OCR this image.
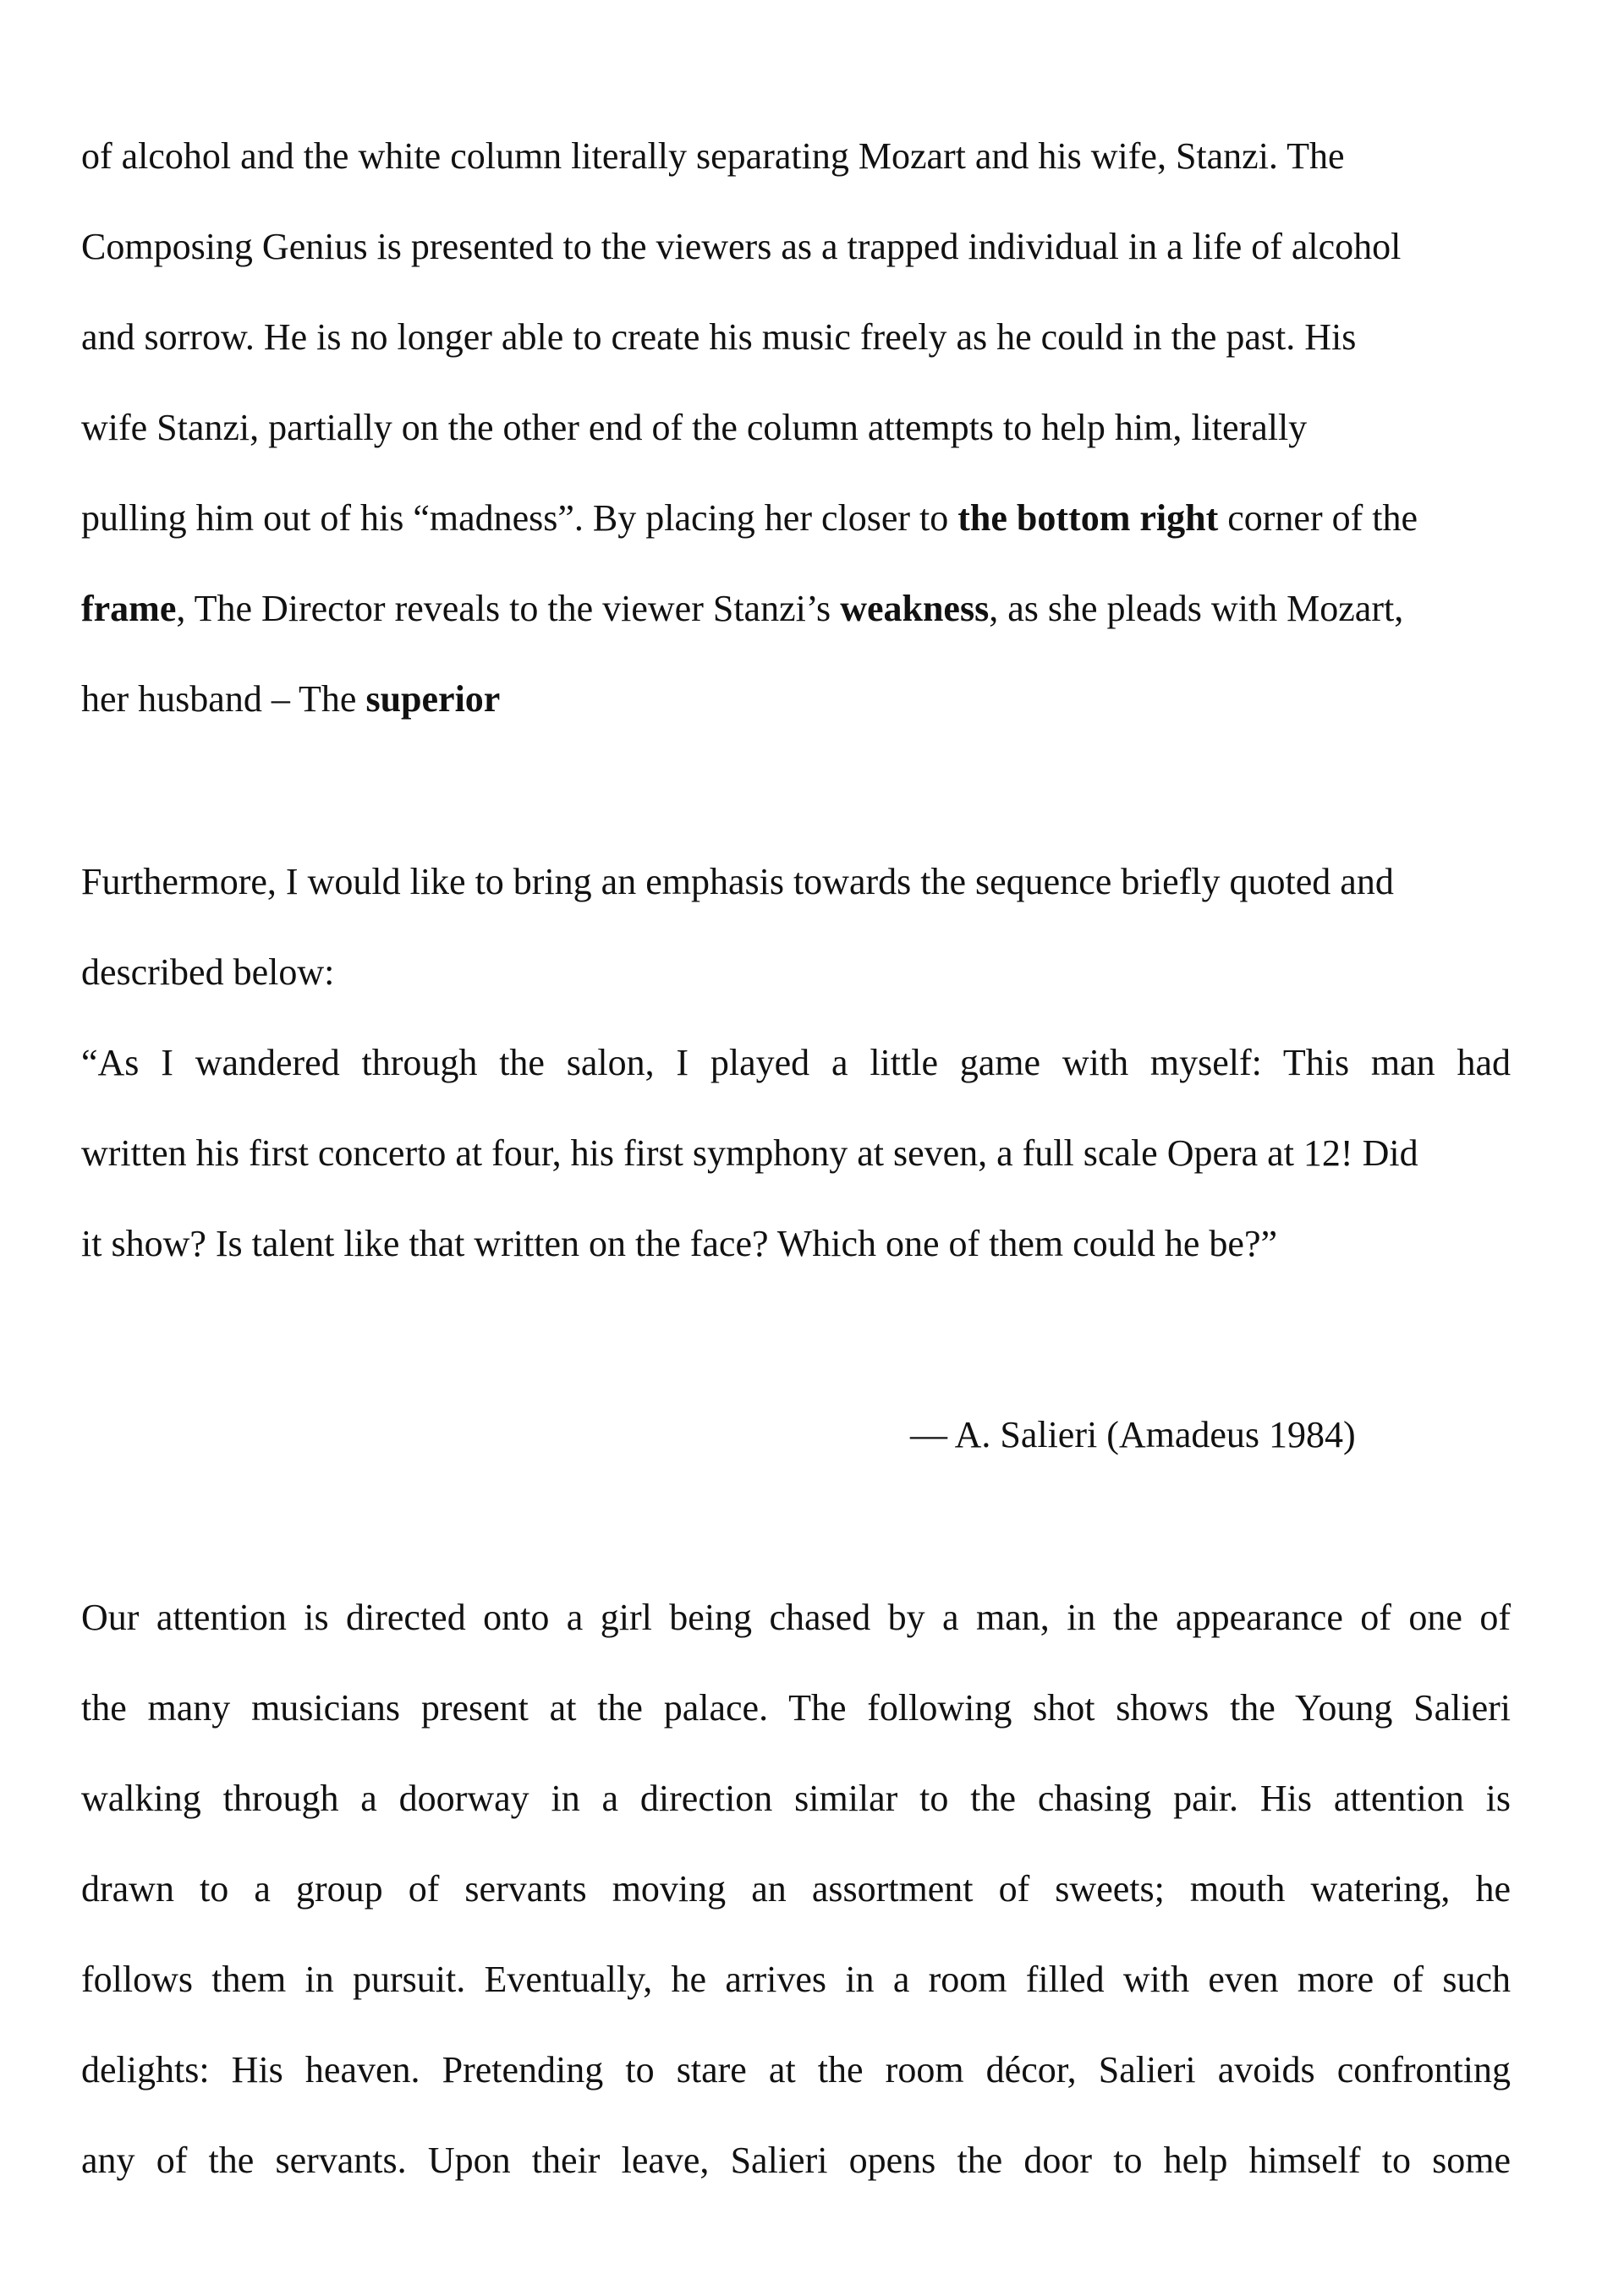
of alcohol and the white column literally separating Mozart and his wife, Stanzi. The
Composing Genius is presented to the viewers as a trapped individual in a life of alcohol
and sorrow. He is no longer able to create his music freely as he could in the past. His
wife Stanzi, partially on the other end of the column attempts to help him, literally
pulling him out of his “madness”. By placing her closer to the bottom right corner of the
frame, The Director reveals to the viewer Stanzi’s weakness, as she pleads with Mozart,
her husband – The superior
Furthermore, I would like to bring an emphasis towards the sequence briefly quoted and
described below:
“As I wandered through the salon, I played a little game with myself: This man had
written his first concerto at four, his first symphony at seven, a full scale Opera at 12! Did
it show? Is talent like that written on the face? Which one of them could he be?”
— A. Salieri (Amadeus 1984)
Our attention is directed onto a girl being chased by a man, in the appearance of one of
the many musicians present at the palace. The following shot shows the Young Salieri
walking through a doorway in a direction similar to the chasing pair. His attention is
drawn to a group of servants moving an assortment of sweets; mouth watering, he
follows them in pursuit. Eventually, he arrives in a room filled with even more of such
delights: His heaven. Pretending to stare at the room décor, Salieri avoids confronting
any of the servants. Upon their leave, Salieri opens the door to help himself to some
